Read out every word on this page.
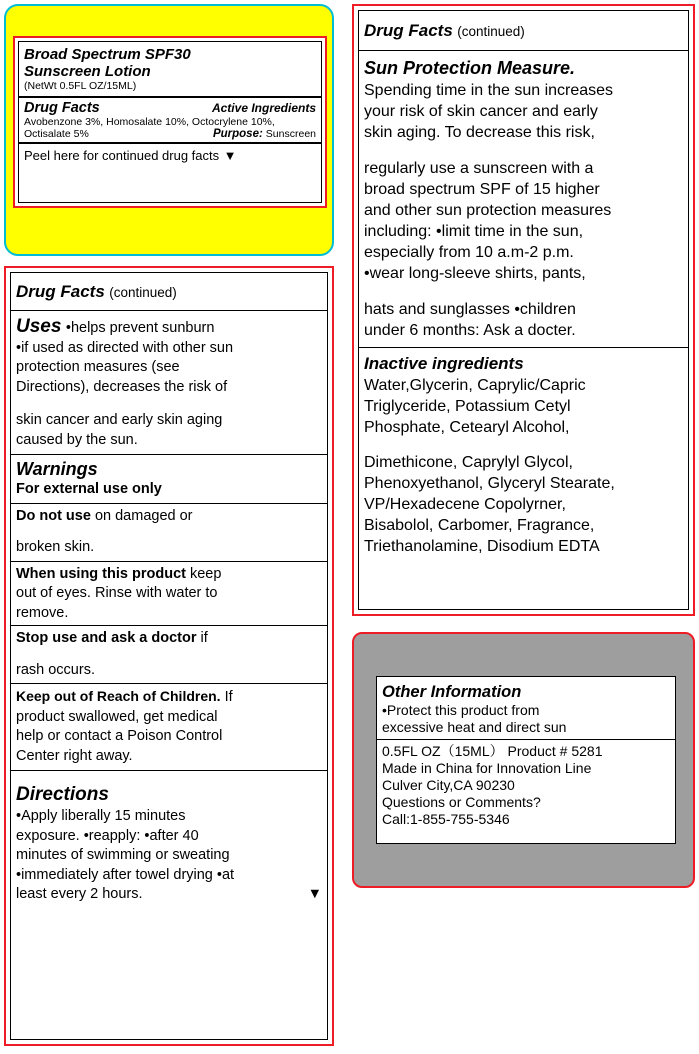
Broad Spectrum SPF30
Sunscreen Lotion
(NetWt 0.5FL OZ/15ML)
Drug Facts	Active Ingredients
Avobenzone 3%, Homosalate 10%, Octocrylene 10%,
Octisalate 5%	Purpose: Sunscreen
Peel here for continued drug facts ▼
Drug Facts (continued)
Uses •helps prevent sunburn
•if used as directed with other sun
protection measures (see
Directions), decreases the risk of
skin cancer and early skin aging
caused by the sun.
Warnings
For external use only
Do not use on damaged or
broken skin.
When using this product keep
out of eyes. Rinse with water to
remove.
Stop use and ask a doctor if
rash occurs.
Keep out of Reach of Children. If
product swallowed, get medical
help or contact a Poison Control
Center right away.
Directions
•Apply liberally 15 minutes
exposure. •reapply: •after 40
minutes of swimming or sweating
•immediately after towel drying •at
least every 2 hours.	▼
Drug Facts (continued)
Sun Protection Measure.
Spending time in the sun increases
your risk of skin cancer and early
skin aging. To decrease this risk,
regularly use a sunscreen with a
broad spectrum SPF of 15 higher
and other sun protection measures
including: •limit time in the sun,
especially from 10 a.m-2 p.m.
•wear long-sleeve shirts, pants,
hats and sunglasses •children
under 6 months: Ask a docter.
Inactive ingredients
Water,Glycerin, Caprylic/Capric
Triglyceride, Potassium Cetyl
Phosphate, Cetearyl Alcohol,
Dimethicone, Caprylyl Glycol,
Phenoxyethanol, Glyceryl Stearate,
VP/Hexadecene Copolyrner,
Bisabolol, Carbomer, Fragrance,
Triethanolamine, Disodium EDTA
Other Information
•Protect this product from
excessive heat and direct sun
0.5FL OZ（15ML） Product # 5281
Made in China for Innovation Line
Culver City,CA 90230
Questions or Comments?
Call:1-855-755-5346
